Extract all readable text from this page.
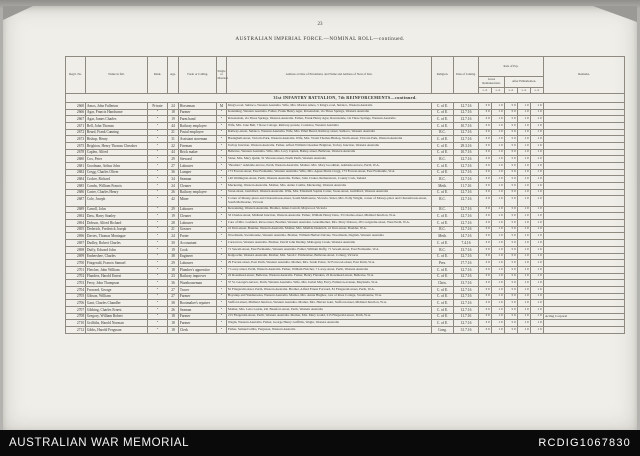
23
AUSTRALIAN IMPERIAL FORCE.—NOMINAL ROLL—continued.
Regtl. No.	Name in full.	Rank.	Age.	Trade or Calling.	Single or Married.	Address at Date of Enrolment, and Name and Address of Next of Kin.	Religion.	Date of Joining.	Rate of Pay.					Remarks.
									Gross Remuneration.		After Embarkation.			
									s. d.	s. d.	s. d.	s. d.	s. d.	
31st INFANTRY BATTALION, 7th REINFORCEMENTS—continued.														
2660	Amos, John Fullerton	Private	24	Horseman	M	King's-road, Subiaco, Western Australia. Wife, Mrs. Marion Amos, 5 King's-road, Subiaco, Western Australia	C. of E.	12.7.16	3 0	1 0	5 0	1 0	1 0	
2666	Agar, Francis Handsome	″	18	Farmer	″	Katanning, Western Australia. Father, Frank Henry Agar, Ravensdale, via Three Springs, Western Australia	C. of E.	12.7.16	3 0	1 0	5 0	1 0	1 0	
2667	Agar, James Charles	″	19	Farm hand	″	Ravensdale, via Three Springs, Western Australia. Father, Frank Henry Agar, Ravensdale, via Three Springs, Western Australia	C. of E.	12.7.16	3 0	1 0	5 0	1 0	1 0	
2671	Bell, John Thomas	″	44	Railway employee	″	Wife, Mrs. Jane Bell, 7 Rose Cottage, Railway-parade, Cottesloe, Western Australia	C. of E.	10.7.16	3 0	1 0	5 0	1 0	1 0	
2672	Beard, Frank Canning	″	21	Postal employee	″	Railway-street, Subiaco, Western Australia. Wife, Mrs. Ethel Beard, Railway-street, Subiaco, Western Australia	R.C.	12.7.16	3 0	1 0	5 0	1 0	1 0	
2673	Bishop, Henry	″	31	Assistant storeman	″	Basinghall-street, Victoria Park, Western Australia. Wife, Mrs. Violet Thomas Bishop, North-street, Victoria Park, Western Australia	C. of E.	12.7.16	3 0	1 0	5 0	1 0	1 0	
2675	Brighton, Henry Thomas Chessher	″	22	Fireman	″	Torbay Junction, Western Australia. Father, Alfred William Chessher Brighton, Torbay Junction, Western Australia	C. of E.	29.3.16	3 0	1 0	5 0	1 0	1 0	
2678	Caplen, Alfred	″	44	Brick maker	″	Bellevue, Western Australia. Wife, Mrs. Lucy Caplen, Bailey-street, Bellevue, Western Australia	C. of E.	10.7.16	3 0	1 0	5 0	1 0	1 0	
2680	Cox, Peter	″	29	Steward	″	Sister, Mrs. Mary Quirk, 31 Vincent-street, North Perth, Western Australia	R.C.	12.7.16	3 0	1 0	5 0	1 0	1 0	
2681	Goodman, Arthur John	″	27	Labourer	″	“Boulder,” Adelaide-terrace, Perth, Western Australia. Mother, Mrs. Mary Goodman, Adelaide-terrace, Perth, W.A.	C. of E.	12.7.16	3 0	1 0	5 0	1 0	1 0	
2682	Cregg, Charles Oliver	″	36	Lumper	″	173 Forrest-street, East Fremantle, Western Australia. Wife, Mrs. Agnes Maria Cregg, 173 Forrest-street, East Fremantle, W.A.	C. of E.	12.7.16	3 0	1 0	5 0	1 0	1 0	
2684	Croker, Richard	″	34	Seaman	″	140 Wellington-street, Perth, Western Australia. Father, John Croker, Rotherstown, County Cork, Ireland	R.C.	12.7.16	3 0	1 0	5 0	1 0	1 0	
2685	Combs, William Francis	″	24	Cleaner	″	Meckering, Western Australia. Mother, Mrs. Annie Combs, Meckering, Western Australia	Meth.	11.7.16	3 0	1 0	5 0	1 0	1 0	
2686	Carter, Charles Henry	″	26	Railway employee	″	Swan-street, Guildford, Western Australia. Wife, Mrs. Elizabeth Sophia Carter, Swan-street, Guildford, Western Australia	C. of E.	12.7.16	3 0	1 0	5 0	1 0	1 0	
2687	Cole, Joseph	″	42	Miner	″	Corner of Money-place and Charonbrook-street, South Melbourne, Victoria. Sister, Mrs. Polly Wright, corner of Money-place and Charonbrook-street, South Melbourne, Victoria	R.C.	12.7.16	3 0	1 0	5 0	1 0	1 0	
2689	Carroll, John	″	29	Labourer	″	Kewanning, Western Australia. Brother, James Carroll, Maywood, Victoria	R.C.	12.7.16	3 0	1 0	5 0	1 0	1 0	
2692	Dass, Harry Stanley	″	19	Cleaner	″	33 Charles-street, Midland Junction, Western Australia. Father, William Henry Dass, 33 Charles-street, Midland Junction, W.A.	C. of E.	12.7.16	3 0	1 0	5 0	1 0	1 0	
2694	Dobson, Alfred Richard	″	28	Labourer	″	Care of Mrs. Goddard, Reve-street, Boulder, Western Australia. Grandmother, Mrs. Mary Dobson, 28 Coolgardie-street, West Perth, W.A.	C. of E.	12.7.16	3 0	1 0	5 0	1 0	1 0	
2695	Dederich, Frederick Joseph	″	21	Greaser	″	41 Dart-street, Boulder, Western Australia. Mother, Mrs. Matilda Dederich, 41 Dart-street, Boulder, W.A.	R.C.	12.7.16	3 0	1 0	5 0	1 0	1 0	
2696	Davies, Thomas Montague	″	24	Porter	″	Woodlands, Swanbourne, Western Australia. Brother, William Herbert Davies, Woodlands, Daglish, Western Australia	Meth.	14.7.16	3 0	1 0	5 0	1 0	1 0	
2697	Dudley, Robert Charles	″	30	Accountant	″	Carnarvon, Western Australia. Brother, David John Dudley, Mahogany Creek, Western Australia	C. of E.	7.4.16	3 0	1 0	5 0	1 0	1 0	
2698	Duffy, Edward John	″	19	Cook	″	71 Sewell-street, East Fremantle, Western Australia. Father, William Duffy, 71 Sewell-street, East Fremantle, W.A.	R.C.	13.7.16	3 0	1 0	5 0	1 0	1 0	
2699	Embersbee, Charles	″	38	Engineer	″	Kalgoorlie, Western Australia. Mother, Mrs. Sarah J. Embersbee, Bellevue-street, Coburg, Victoria	C. of E.	12.7.16	3 0	1 0	5 0	1 0	1 0	
2700	Fitzgerald, Francis Samuel	″	29	Labourer	″	29 Forrest-street, East Perth, Western Australia. Mother, Mrs. Sarah Potter, 32 Forwood-street, East Perth, W.A.	Pres.	17.7.16	3 0	1 0	5 0	1 0	1 0	
2701	Fletcher, John William	″	18	Plumber's apprentice	″	7 Lacey-street, Perth, Western Australia. Father, William Fletcher, 7 Lacey-street, Perth, Western Australia	C. of E.	12.7.16	3 0	1 0	5 0	1 0	1 0	
2702	Flanders, Harold Ernest	″	23	Railway improver	″	22 Rosemead-street, Bellevue, Western Australia. Father, Henry Flanders, 22 Rosemead-street, Bellevue, W.A.	C. of E.	12.7.16	3 0	1 0	5 0	1 0	1 0	
2703	Ferry, John Thompson	″	36	Warehouseman	″	37 St. George's-terrace, Perth, Western Australia. Wife, Mrs. Isabel May Ferry, Fullerton-avenue, Maylands, W.A.	Chris.	13.7.16	3 0	1 0	5 0	1 0	1 0	
2704	Forward, George	″	27	Tracer	″	81 Fitzgerald-street, Perth, Western Australia. Brother, Alfred Ernest Forward, 81 Fitzgerald-street, Perth, W.A.	C. of E.	12.7.16	3 0	1 0	5 0	1 0	1 0	
2705	Gibson, William	″	27	Farmer	″	Boyanup and Yandanooka, Western Australia. Mother, Mrs. Annie Hughes, care of Rose Cottage, Swanbourne, W.A.	C. of E.	12.7.16	3 0	1 0	5 0	1 0	1 0	
2706	Gant, Charles Chandler	″	38	Bootmaker's repairer	″	Stafford-street, Midland Junction, Western Australia. Mother, Mrs. Harriet Gant, Stafford-street, Midland Junction, W.A.	C. of E.	12.7.16	3 0	1 0	5 0	1 0	1 0	
2707	Gibbing, Charles Ernest	″	26	Seaman	″	Mother, Mrs. Lena Laurie, 241 Beaufort-street, Perth, Western Australia	C. of E.	12.7.16	3 0	1 0	5 0	1 0	1 0	
2708	Gregory, William Robert	″	18	Farmer	″	215 Fitzgerald-street, Perth, Western Australia. Mother, Mrs. Mary Gould, 215 Fitzgerald-street, Perth, W.A.	C. of E.	11.7.16	3 0	1 0	5 0	1 0	1 0	Acting Corporal
2710	Griffiths, Harold Norman	″	18	Farmer	″	Wagin, Western Australia. Father, George Henry Griffiths, Wagin, Western Australia	C. of E.	12.7.16	3 0	1 0	5 0	1 0	1 0	
2712	Gibbs, Harold Ferguson	″	18	Clerk	″	Father, Samuel Gibbs, Ferguson, Western Australia	Cong.	31.7.16	3 0	1 0	5 0	1 0	1 0	
AUSTRALIAN WAR MEMORIAL	RCDIG1067830
